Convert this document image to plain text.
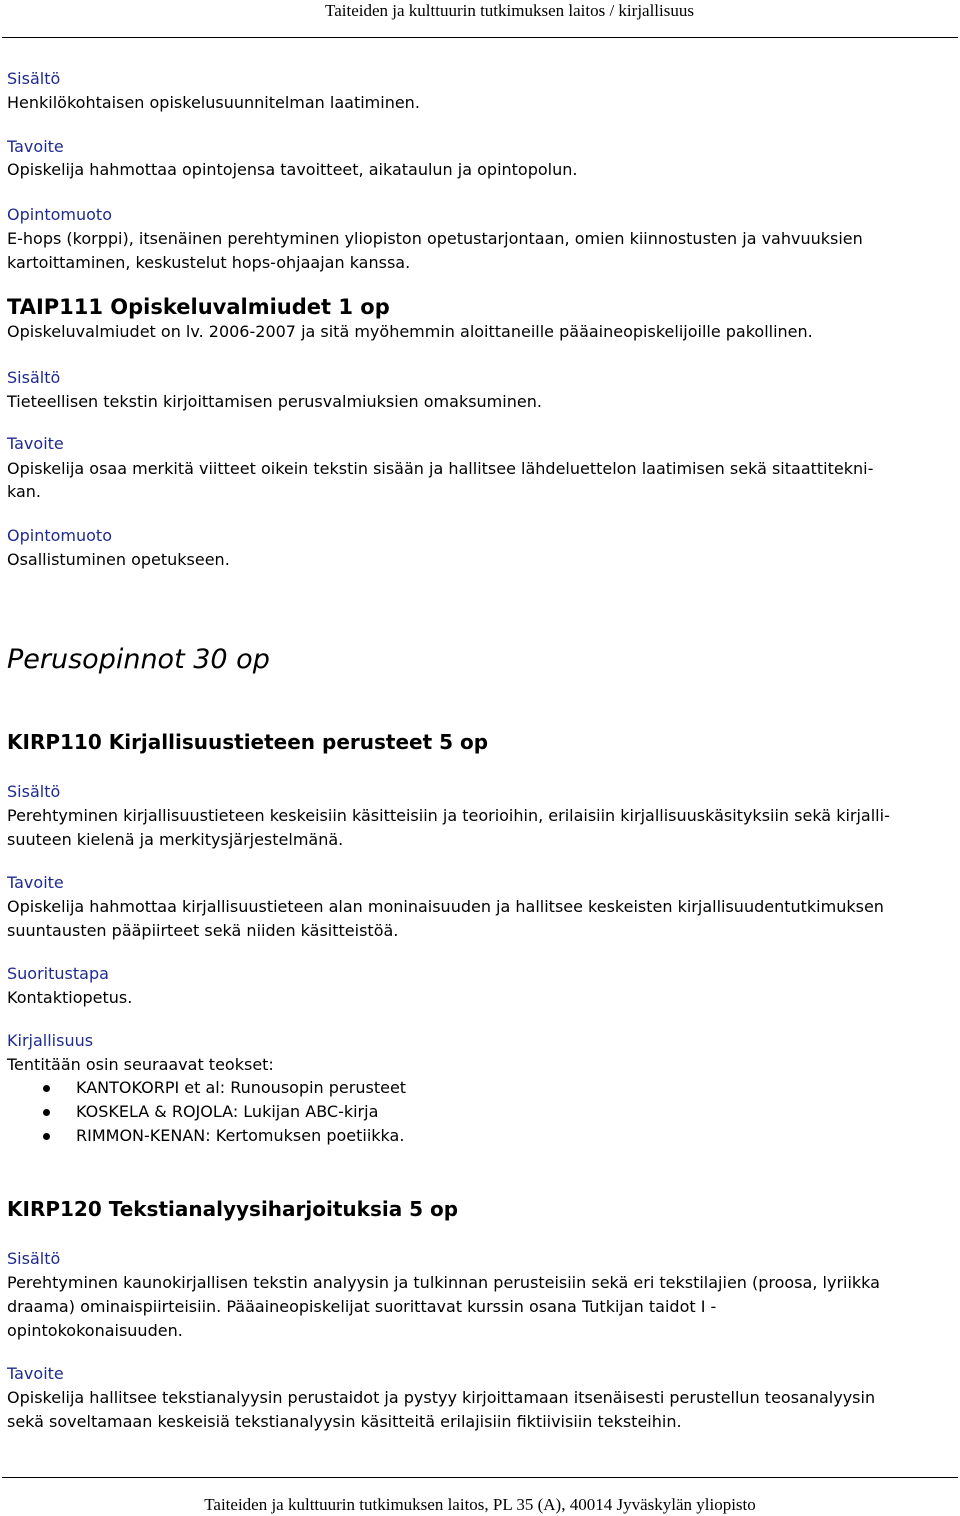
Taiteiden ja kulttuurin tutkimuksen laitos / kirjallisuus
Sisältö
Henkilökohtaisen opiskelusuunnitelman laatiminen.
Tavoite
Opiskelija hahmottaa opintojensa tavoitteet, aikataulun ja opintopolun.
Opintomuoto
E-hops (korppi), itsenäinen perehtyminen yliopiston opetustarjontaan, omien kiinnostusten ja vahvuuksien
kartoittaminen, keskustelut hops-ohjaajan kanssa.
TAIP111 Opiskeluvalmiudet 1 op
Opiskeluvalmiudet on lv. 2006-2007 ja sitä myöhemmin aloittaneille pääaineopiskelijoille pakollinen.
Sisältö
Tieteellisen tekstin kirjoittamisen perusvalmiuksien omaksuminen.
Tavoite
Opiskelija osaa merkitä viitteet oikein tekstin sisään ja hallitsee lähdeluettelon laatimisen sekä sitaattitekni-
kan.
Opintomuoto
Osallistuminen opetukseen.
Perusopinnot 30 op
KIRP110 Kirjallisuustieteen perusteet 5 op
Sisältö
Perehtyminen kirjallisuustieteen keskeisiin käsitteisiin ja teorioihin, erilaisiin kirjallisuuskäsityksiin sekä kirjalli-
suuteen kielenä ja merkitysjärjestelmänä.
Tavoite
Opiskelija hahmottaa kirjallisuustieteen alan moninaisuuden ja hallitsee keskeisten kirjallisuudentutkimuksen
suuntausten pääpiirteet sekä niiden käsitteistöä.
Suoritustapa
Kontaktiopetus.
Kirjallisuus
Tentitään osin seuraavat teokset:
KANTOKORPI et al: Runousopin perusteet
KOSKELA & ROJOLA: Lukijan ABC-kirja
RIMMON-KENAN: Kertomuksen poetiikka.
KIRP120 Tekstianalyysiharjoituksia 5 op
Sisältö
Perehtyminen kaunokirjallisen tekstin analyysin ja tulkinnan perusteisiin sekä eri tekstilajien (proosa, lyriikka
draama) ominaispiirteisiin. Pääaineopiskelijat suorittavat kurssin osana Tutkijan taidot I -
opintokokonaisuuden.
Tavoite
Opiskelija hallitsee tekstianalyysin perustaidot ja pystyy kirjoittamaan itsenäisesti perustellun teosanalyysin
sekä soveltamaan keskeisiä tekstianalyysin käsitteitä erilajisiin fiktiivisiin teksteihin.
Taiteiden ja kulttuurin tutkimuksen laitos, PL 35 (A), 40014 Jyväskylän yliopisto
